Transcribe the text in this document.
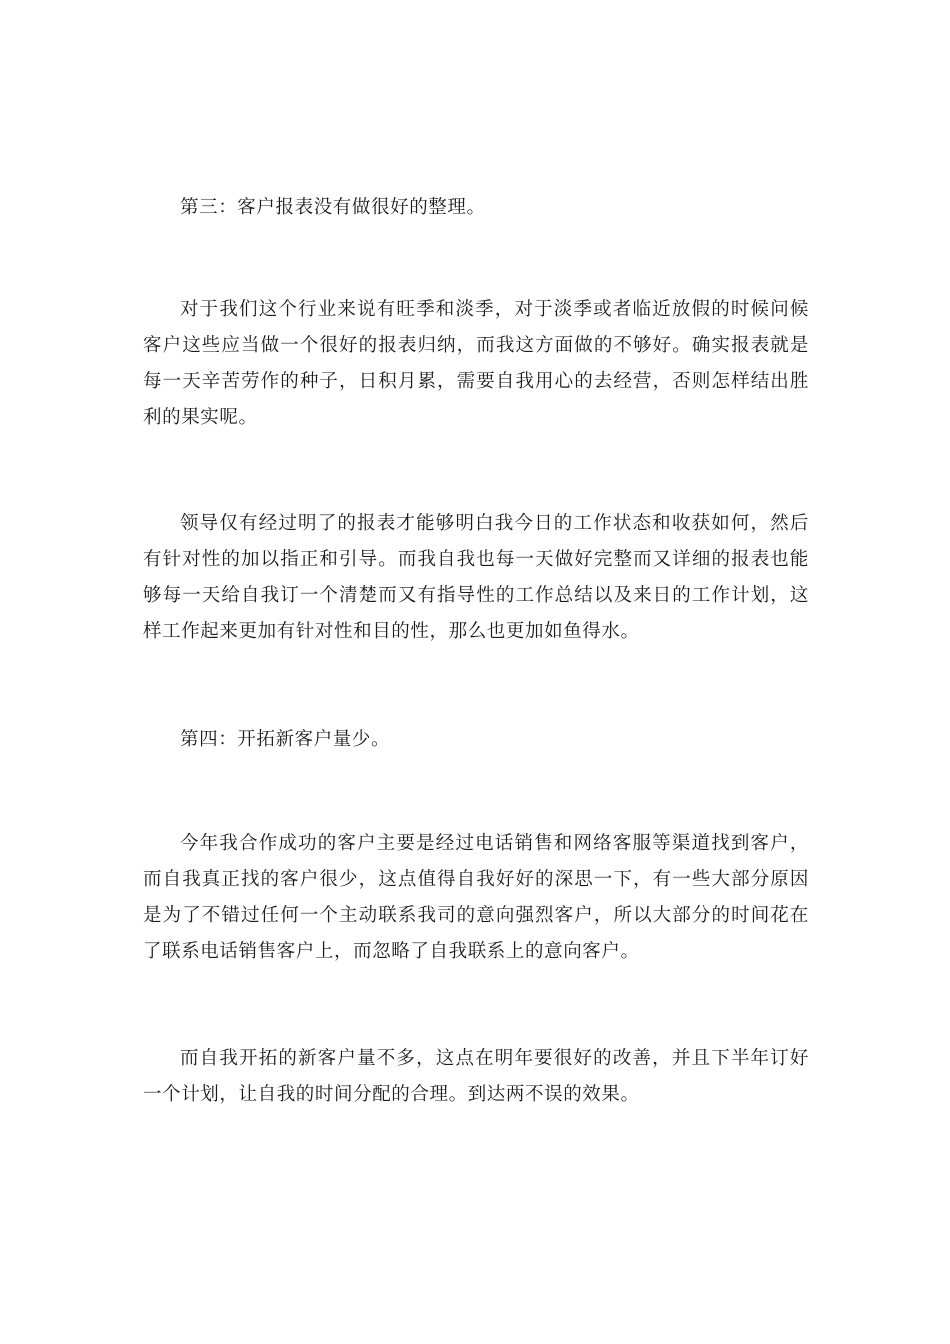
第三：客户报表没有做很好的整理。

对于我们这个行业来说有旺季和淡季，对于淡季或者临近放假的时候问候客户这些应当做一个很好的报表归纳，而我这方面做的不够好。确实报表就是每一天辛苦劳作的种子，日积月累，需要自我用心的去经营，否则怎样结出胜利的果实呢。

领导仅有经过明了的报表才能够明白我今日的工作状态和收获如何，然后有针对性的加以指正和引导。而我自我也每一天做好完整而又详细的报表也能够每一天给自我订一个清楚而又有指导性的工作总结以及来日的工作计划，这样工作起来更加有针对性和目的性，那么也更加如鱼得水。

第四：开拓新客户量少。

今年我合作成功的客户主要是经过电话销售和网络客服等渠道找到客户，而自我真正找的客户很少，这点值得自我好好的深思一下，有一些大部分原因是为了不错过任何一个主动联系我司的意向强烈客户，所以大部分的时间花在了联系电话销售客户上，而忽略了自我联系上的意向客户。

而自我开拓的新客户量不多，这点在明年要很好的改善，并且下半年订好一个计划，让自我的时间分配的合理。到达两不误的效果。
